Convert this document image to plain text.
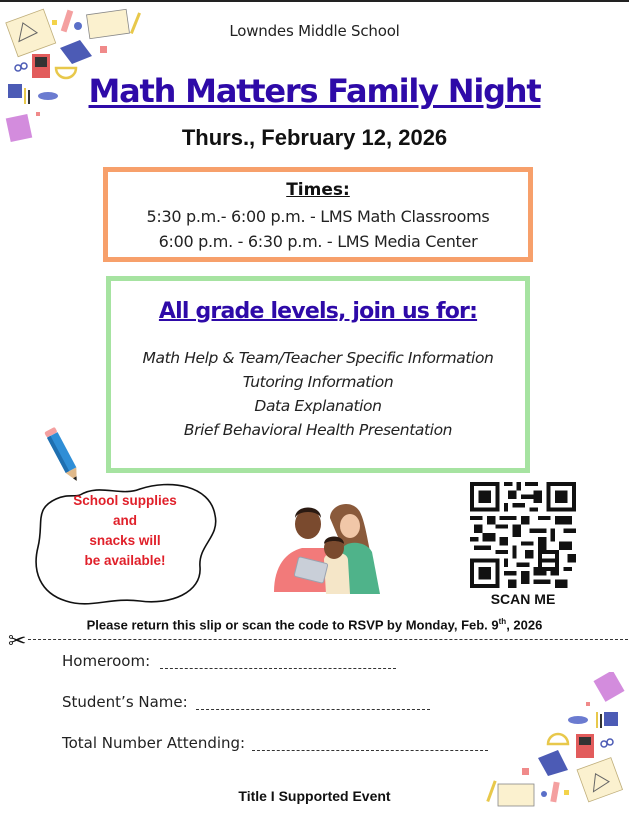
Lowndes Middle School
Math Matters Family Night
Thurs., February 12, 2026
Times:
5:30 p.m.- 6:00 p.m. - LMS Math Classrooms
6:00 p.m. - 6:30 p.m. - LMS Media Center
All grade levels, join us for:
Math Help & Team/Teacher Specific Information
Tutoring Information
Data Explanation
Brief Behavioral Health Presentation
School supplies
and
snacks will
be available!
SCAN ME
Please return this slip or scan the code to RSVP by Monday, Feb. 9th, 2026
✂
Homeroom:
Student’s Name:
Total Number Attending:
Title I Supported Event
